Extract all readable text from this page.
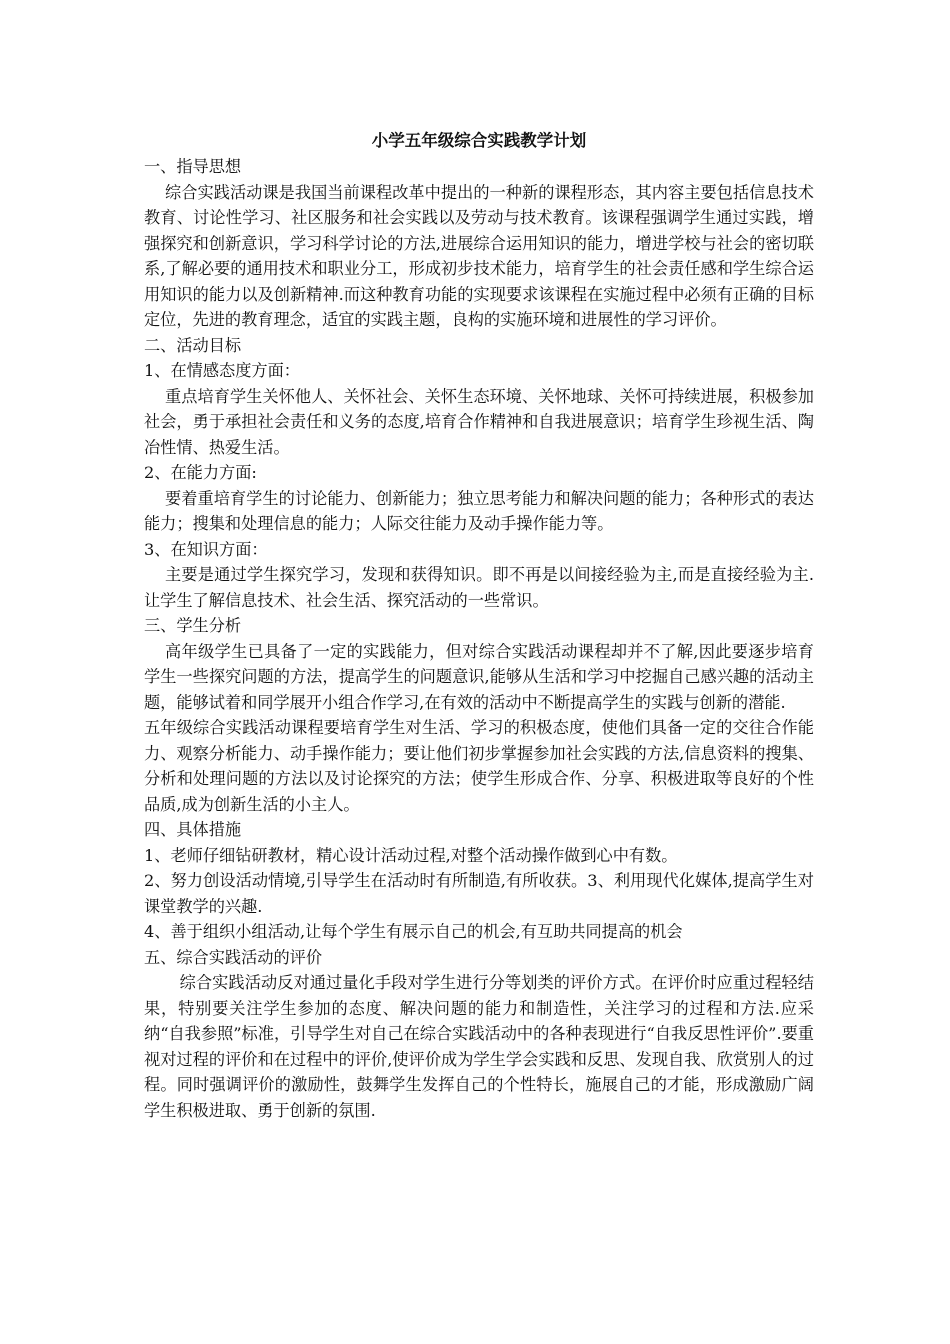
小学五年级综合实践教学计划

一、指导思想

综合实践活动课是我国当前课程改革中提出的一种新的课程形态，其内容主要包括信息技术教育、讨论性学习、社区服务和社会实践以及劳动与技术教育。该课程强调学生通过实践，增强探究和创新意识，学习科学讨论的方法,进展综合运用知识的能力，增进学校与社会的密切联系,了解必要的通用技术和职业分工，形成初步技术能力，培育学生的社会责任感和学生综合运用知识的能力以及创新精神.而这种教育功能的实现要求该课程在实施过程中必须有正确的目标定位，先进的教育理念，适宜的实践主题，良构的实施环境和进展性的学习评价。

二、活动目标

1、在情感态度方面：

重点培育学生关怀他人、关怀社会、关怀生态环境、关怀地球、关怀可持续进展，积极参加社会，勇于承担社会责任和义务的态度,培育合作精神和自我进展意识；培育学生珍视生活、陶冶性情、热爱生活。

2、在能力方面:

要着重培育学生的讨论能力、创新能力；独立思考能力和解决问题的能力；各种形式的表达能力；搜集和处理信息的能力；人际交往能力及动手操作能力等。

3、在知识方面：

主要是通过学生探究学习，发现和获得知识。即不再是以间接经验为主,而是直接经验为主.让学生了解信息技术、社会生活、探究活动的一些常识。

三、学生分析

高年级学生已具备了一定的实践能力，但对综合实践活动课程却并不了解,因此要逐步培育学生一些探究问题的方法，提高学生的问题意识,能够从生活和学习中挖掘自己感兴趣的活动主题，能够试着和同学展开小组合作学习,在有效的活动中不断提高学生的实践与创新的潜能.

五年级综合实践活动课程要培育学生对生活、学习的积极态度，使他们具备一定的交往合作能力、观察分析能力、动手操作能力；要让他们初步掌握参加社会实践的方法,信息资料的搜集、分析和处理问题的方法以及讨论探究的方法；使学生形成合作、分享、积极进取等良好的个性品质,成为创新生活的小主人。

四、具体措施

1、老师仔细钻研教材，精心设计活动过程,对整个活动操作做到心中有数。

2、努力创设活动情境,引导学生在活动时有所制造,有所收获。3、利用现代化媒体,提高学生对课堂教学的兴趣.

4、善于组织小组活动,让每个学生有展示自己的机会,有互助共同提高的机会

五、综合实践活动的评价

综合实践活动反对通过量化手段对学生进行分等划类的评价方式。在评价时应重过程轻结果，特别要关注学生参加的态度、解决问题的能力和制造性，关注学习的过程和方法.应采纳“自我参照”标准，引导学生对自己在综合实践活动中的各种表现进行“自我反思性评价”.要重视对过程的评价和在过程中的评价,使评价成为学生学会实践和反思、发现自我、欣赏别人的过程。同时强调评价的激励性，鼓舞学生发挥自己的个性特长，施展自己的才能，形成激励广阔学生积极进取、勇于创新的氛围.
